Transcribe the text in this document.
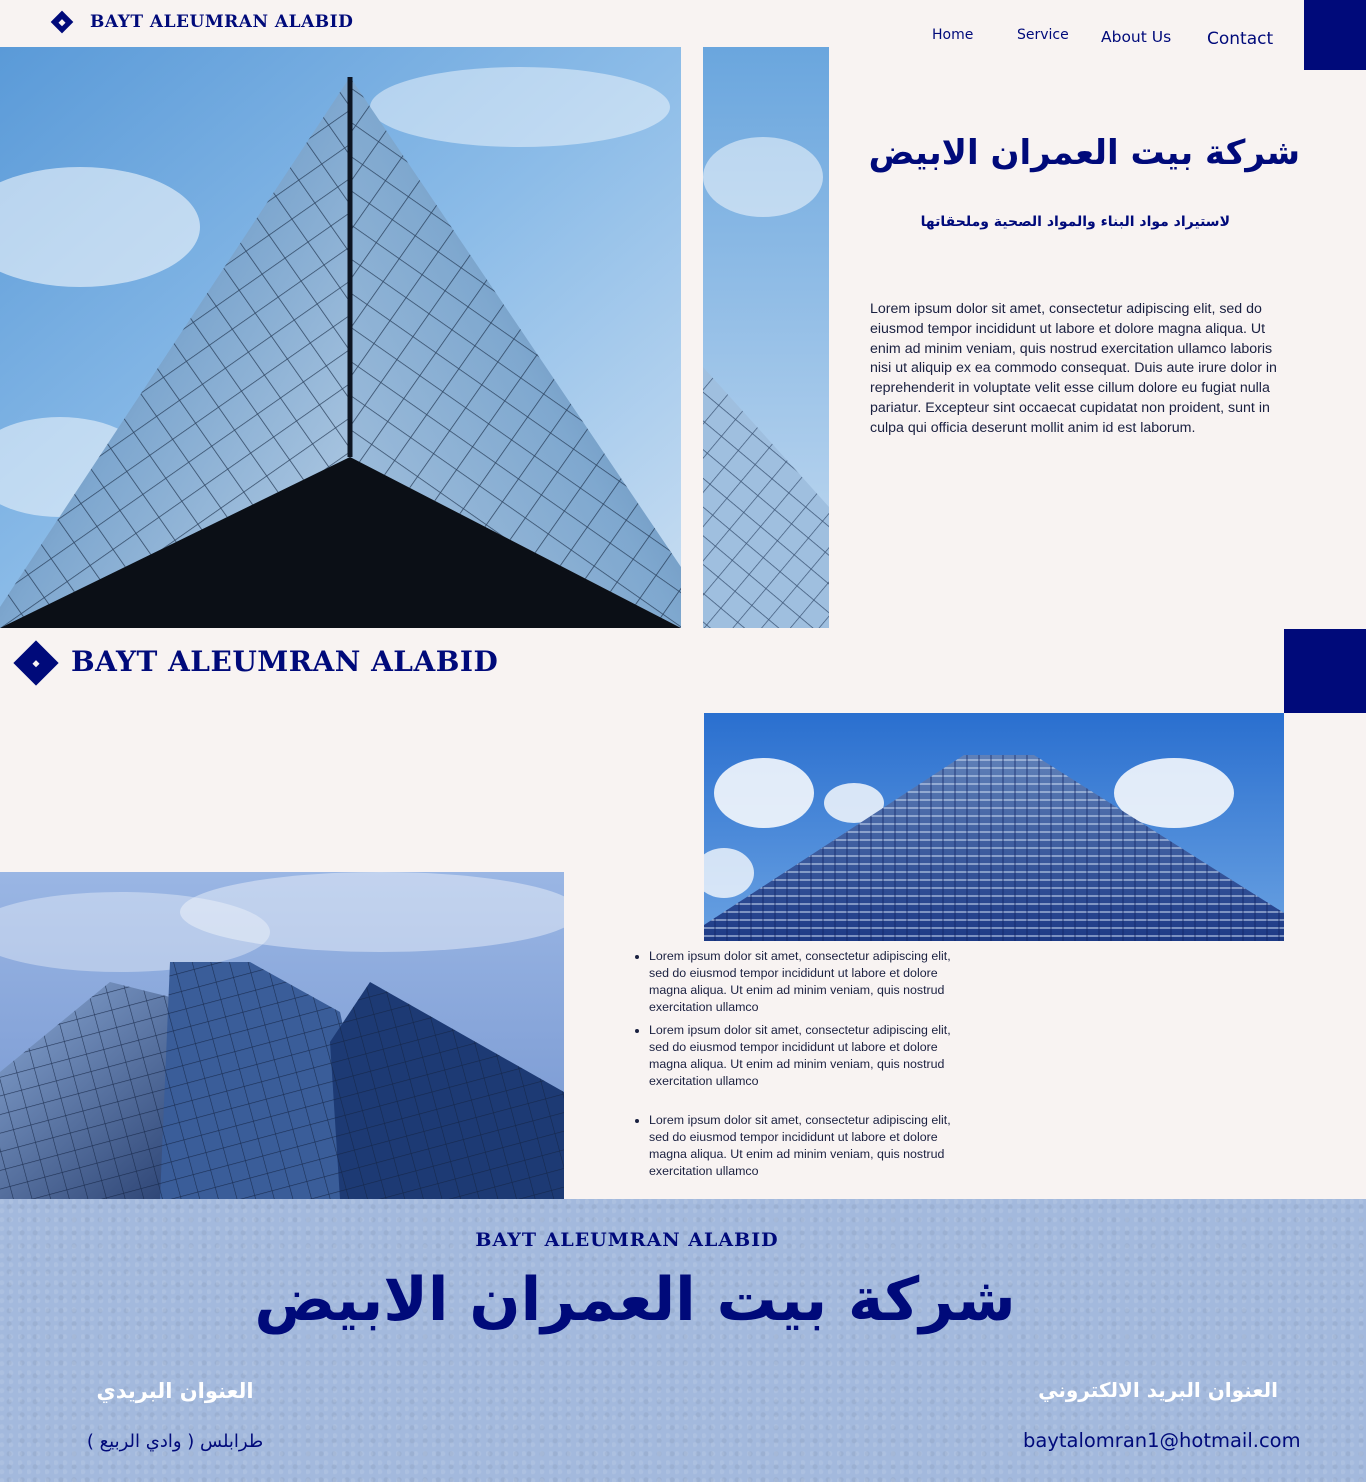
BAYT ALEUMRAN ALABID
Home	Service About Us Contact
شركة بيت العمران الابيض
لاستيراد مواد البناء والمواد الصحية وملحقاتها

Lorem ipsum dolor sit amet, consectetur adipiscing elit, sed do eiusmod tempor incididunt ut labore et dolore magna aliqua. Ut enim ad minim veniam, quis nostrud exercitation ullamco laboris nisi ut aliquip ex ea commodo consequat. Duis aute irure dolor in reprehenderit in voluptate velit esse cillum dolore eu fugiat nulla pariatur. Excepteur sint occaecat cupidatat non proident, sunt in culpa qui officia deserunt mollit anim id est laborum.

BAYT ALEUMRAN ALABID
• Lorem ipsum dolor sit amet, consectetur adipiscing elit, sed do eiusmod tempor incididunt ut labore et dolore magna aliqua. Ut enim ad minim veniam, quis nostrud exercitation ullamco
• Lorem ipsum dolor sit amet, consectetur adipiscing elit, sed do eiusmod tempor incididunt ut labore et dolore magna aliqua. Ut enim ad minim veniam, quis nostrud exercitation ullamco
• Lorem ipsum dolor sit amet, consectetur adipiscing elit, sed do eiusmod tempor incididunt ut labore et dolore magna aliqua. Ut enim ad minim veniam, quis nostrud exercitation ullamco
BAYT ALEUMRAN ALABID
شركة بيت العمران الابيض
العنوان البريدي
طرابلس ( وادي الربيع )
العنوان البريد الالكتروني
baytalomran1@hotmail.com
